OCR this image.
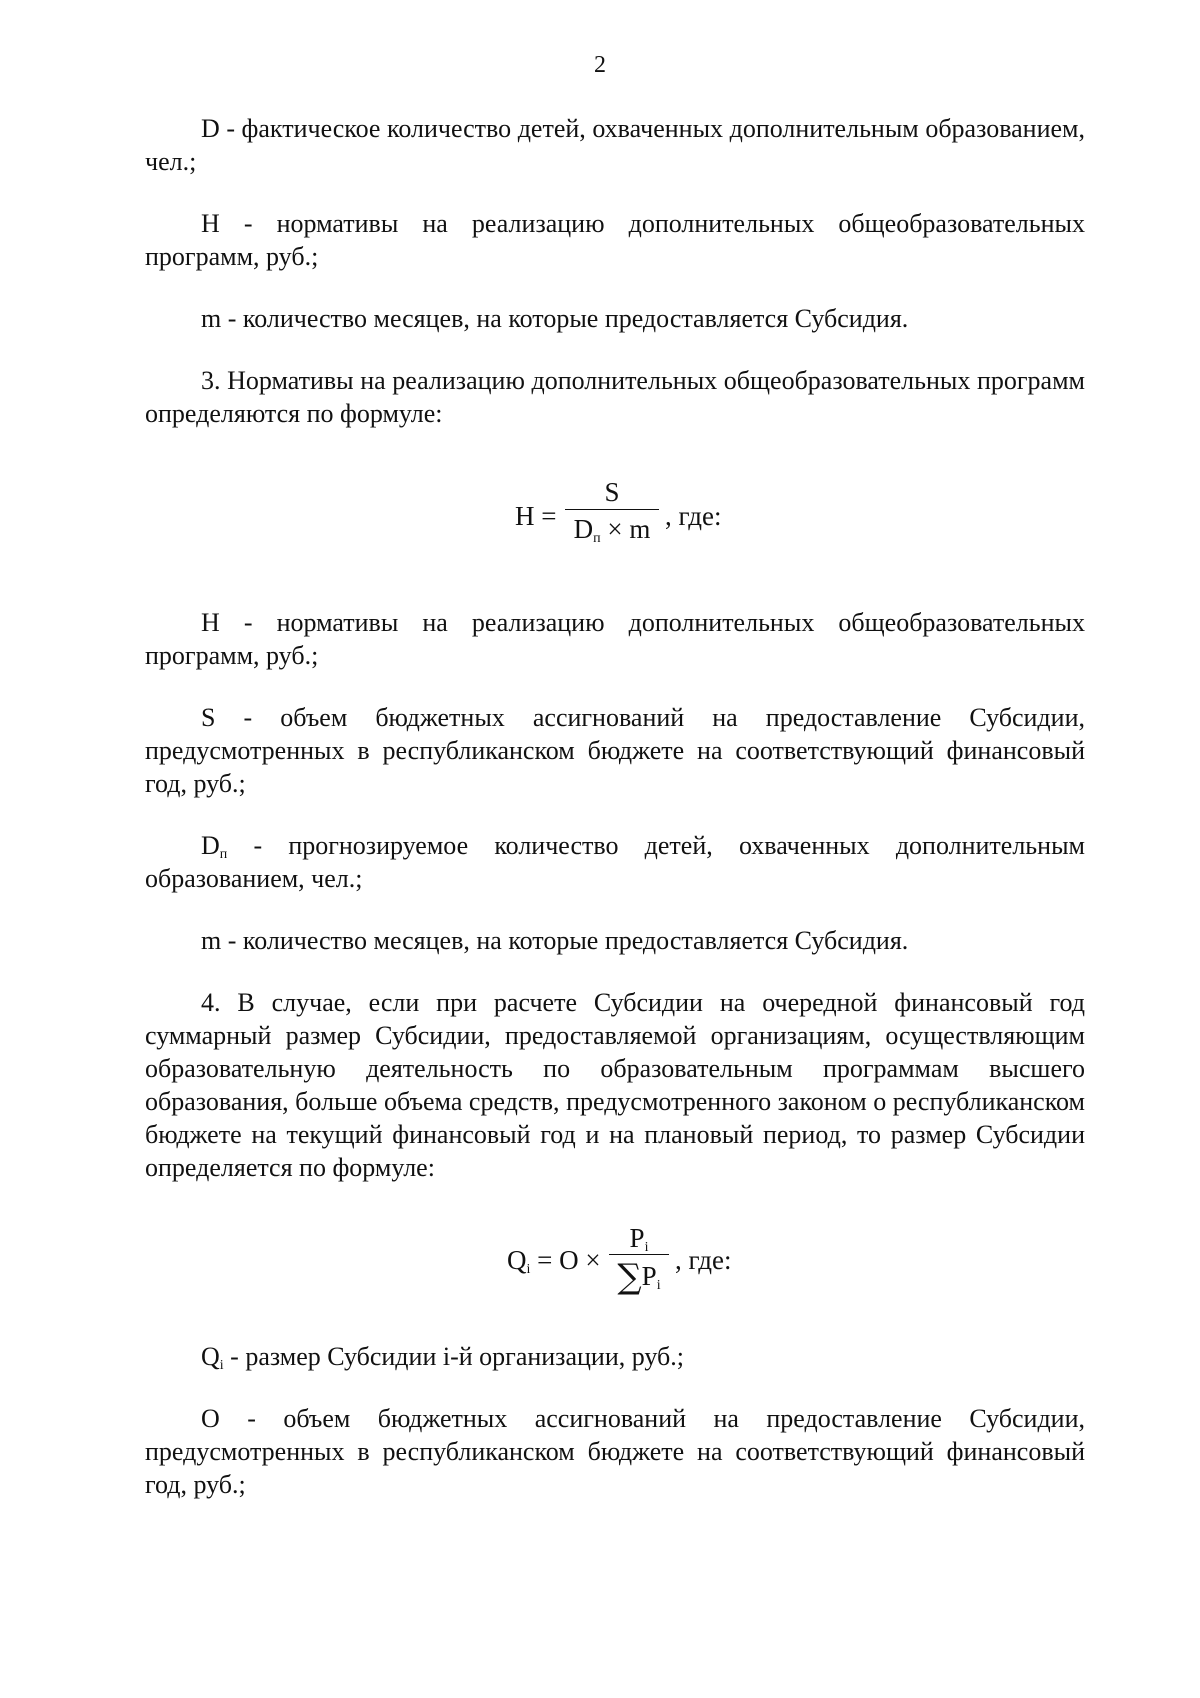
2

D - фактическое количество детей, охваченных дополнительным образованием, чел.;

H - нормативы на реализацию дополнительных общеобразовательных программ, руб.;

m - количество месяцев, на которые предоставляется Субсидия.

3. Нормативы на реализацию дополнительных общеобразовательных программ определяются по формуле:

H =
S
$D_п \times m$ , где:

H - нормативы на реализацию дополнительных общеобразовательных программ, руб.;

S - объем бюджетных ассигнований на предоставление Субсидии, предусмотренных в республиканском бюджете на соответствующий финансовый год, руб.;

$D_п$ - прогнозируемое количество детей, охваченных дополнительным образованием, чел.;

m - количество месяцев, на которые предоставляется Субсидия.

4. В случае, если при расчете Субсидии на очередной финансовый год суммарный размер Субсидии, предоставляемой организациям, осуществляющим образовательную деятельность по образовательным программам высшего образования, больше объема средств, предусмотренного законом о республиканском бюджете на текущий финансовый год и на плановый период, то размер Субсидии определяется по формуле:

$Q_i = O$ ×
$P_i$
$\sum P_i$
, где:

$Q_i$ - размер Субсидии i-й организации, руб.;

O - объем бюджетных ассигнований на предоставление Субсидии, предусмотренных в республиканском бюджете на соответствующий финансовый год, руб.;
